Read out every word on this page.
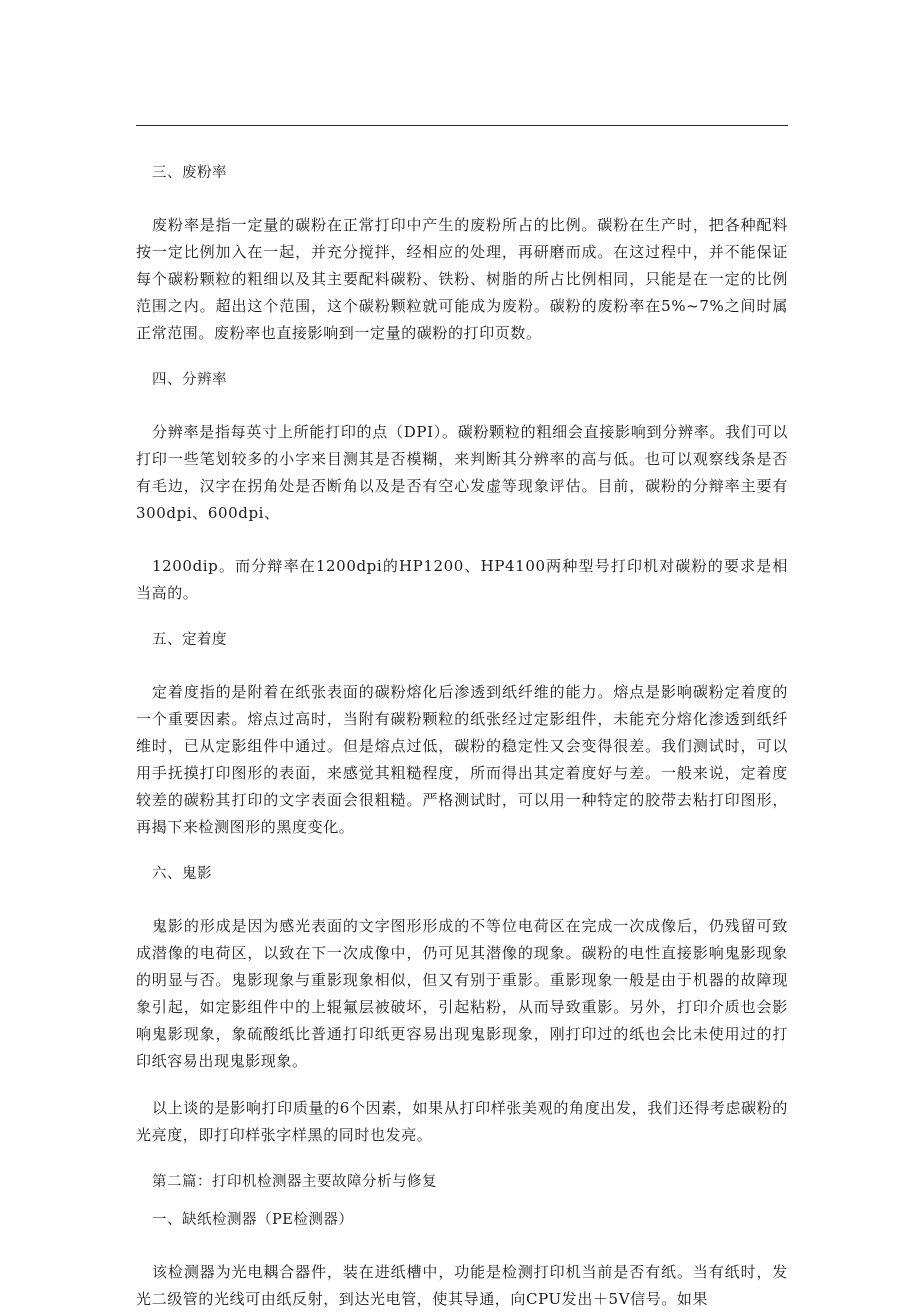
三、废粉率

废粉率是指一定量的碳粉在正常打印中产生的废粉所占的比例。碳粉在生产时，把各种配料按一定比例加入在一起，并充分搅拌，经相应的处理，再研磨而成。在这过程中，并不能保证每个碳粉颗粒的粗细以及其主要配料碳粉、铁粉、树脂的所占比例相同，只能是在一定的比例范围之内。超出这个范围，这个碳粉颗粒就可能成为废粉。碳粉的废粉率在5%~7%之间时属正常范围。废粉率也直接影响到一定量的碳粉的打印页数。

四、分辨率

分辨率是指每英寸上所能打印的点（DPI）。碳粉颗粒的粗细会直接影响到分辨率。我们可以打印一些笔划较多的小字来目测其是否模糊，来判断其分辨率的高与低。也可以观察线条是否有毛边，汉字在拐角处是否断角以及是否有空心发虚等现象评估。目前，碳粉的分辩率主要有300dpi、600dpi、

1200dip。而分辩率在1200dpi的HP1200、HP4100两种型号打印机对碳粉的要求是相当高的。

五、定着度

定着度指的是附着在纸张表面的碳粉熔化后渗透到纸纤维的能力。熔点是影响碳粉定着度的一个重要因素。熔点过高时，当附有碳粉颗粒的纸张经过定影组件，未能充分熔化渗透到纸纤维时，已从定影组件中通过。但是熔点过低，碳粉的稳定性又会变得很差。我们测试时，可以用手抚摸打印图形的表面，来感觉其粗糙程度，所而得出其定着度好与差。一般来说，定着度较差的碳粉其打印的文字表面会很粗糙。严格测试时，可以用一种特定的胶带去粘打印图形，再揭下来检测图形的黑度变化。

六、鬼影

鬼影的形成是因为感光表面的文字图形形成的不等位电荷区在完成一次成像后，仍残留可致成潜像的电荷区，以致在下一次成像中，仍可见其潜像的现象。碳粉的电性直接影响鬼影现象的明显与否。鬼影现象与重影现象相似，但又有别于重影。重影现象一般是由于机器的故障现象引起，如定影组件中的上辊氟层被破坏，引起粘粉，从而导致重影。另外，打印介质也会影响鬼影现象，象硫酸纸比普通打印纸更容易出现鬼影现象，刚打印过的纸也会比未使用过的打印纸容易出现鬼影现象。

以上谈的是影响打印质量的6个因素，如果从打印样张美观的角度出发，我们还得考虑碳粉的光亮度，即打印样张字样黑的同时也发亮。

第二篇：打印机检测器主要故障分析与修复
一、缺纸检测器（PE检测器）

该检测器为光电耦合器件，装在进纸槽中，功能是检测打印机当前是否有纸。当有纸时，发光二级管的光线可由纸反射，到达光电管，使其导通，向CPU发出＋5V信号。如果
